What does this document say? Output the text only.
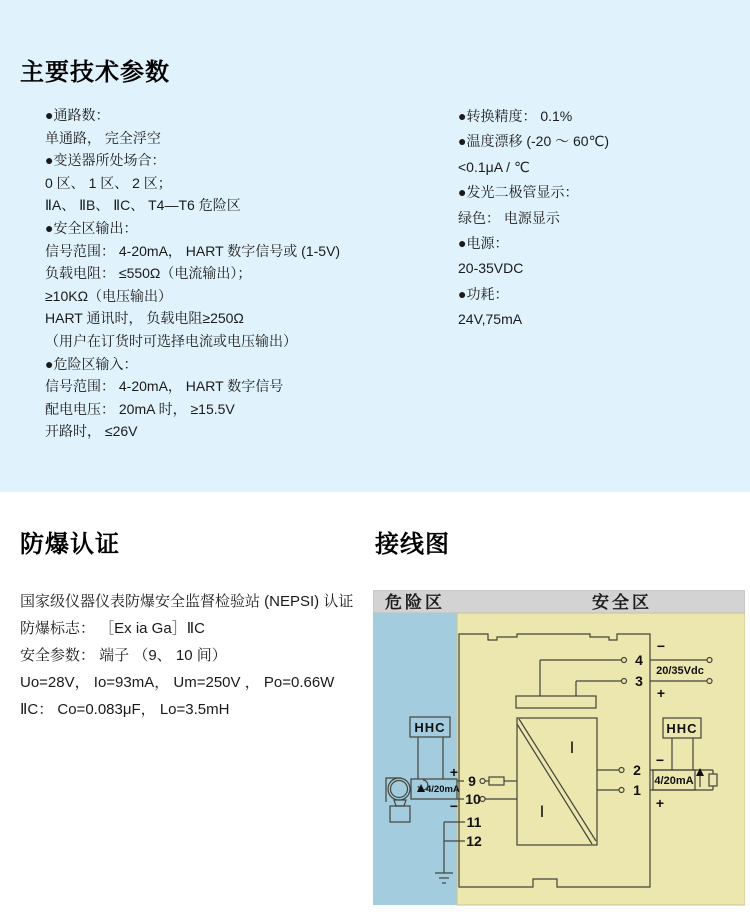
主要技术参数
●通路数：
单通路， 完全浮空
●变送器所处场合：
0 区、 1 区、 2 区；
ⅡA、 ⅡB、 ⅡC、 T4—T6 危险区
●安全区输出：
信号范围： 4-20mA， HART 数字信号或 (1-5V)
负载电阻： ≤550Ω（电流输出）；
≥10KΩ（电压输出）
HART 通讯时， 负载电阻≥250Ω
（用户在订货时可选择电流或电压输出）
●危险区输入：
信号范围： 4-20mA， HART 数字信号
配电电压： 20mA 时， ≥15.5V
开路时， ≤26V
●转换精度： 0.1%
●温度漂移 (-20 ～ 60℃)
<0.1μA / ℃
●发光二极管显示：
绿色： 电源显示
●电源：
20-35VDC
●功耗：
24V,75mA
防爆认证
国家级仪器仪表防爆安全监督检验站 (NEPSI) 认证
防爆标志： ［Ex ia Ga］ⅡC
安全参数： 端子 （9、 10 间）
Uo=28V， Io=93mA， Um=250V ， Po=0.66W
ⅡC： Co=0.083μF， Lo=3.5mH
接线图
危险区	安全区
4
3
2
1
9
10
11
12
−
+
20/35Vdc
−
+
4/20mA
HHC
+
−
4/20mA
HHC
I
I
